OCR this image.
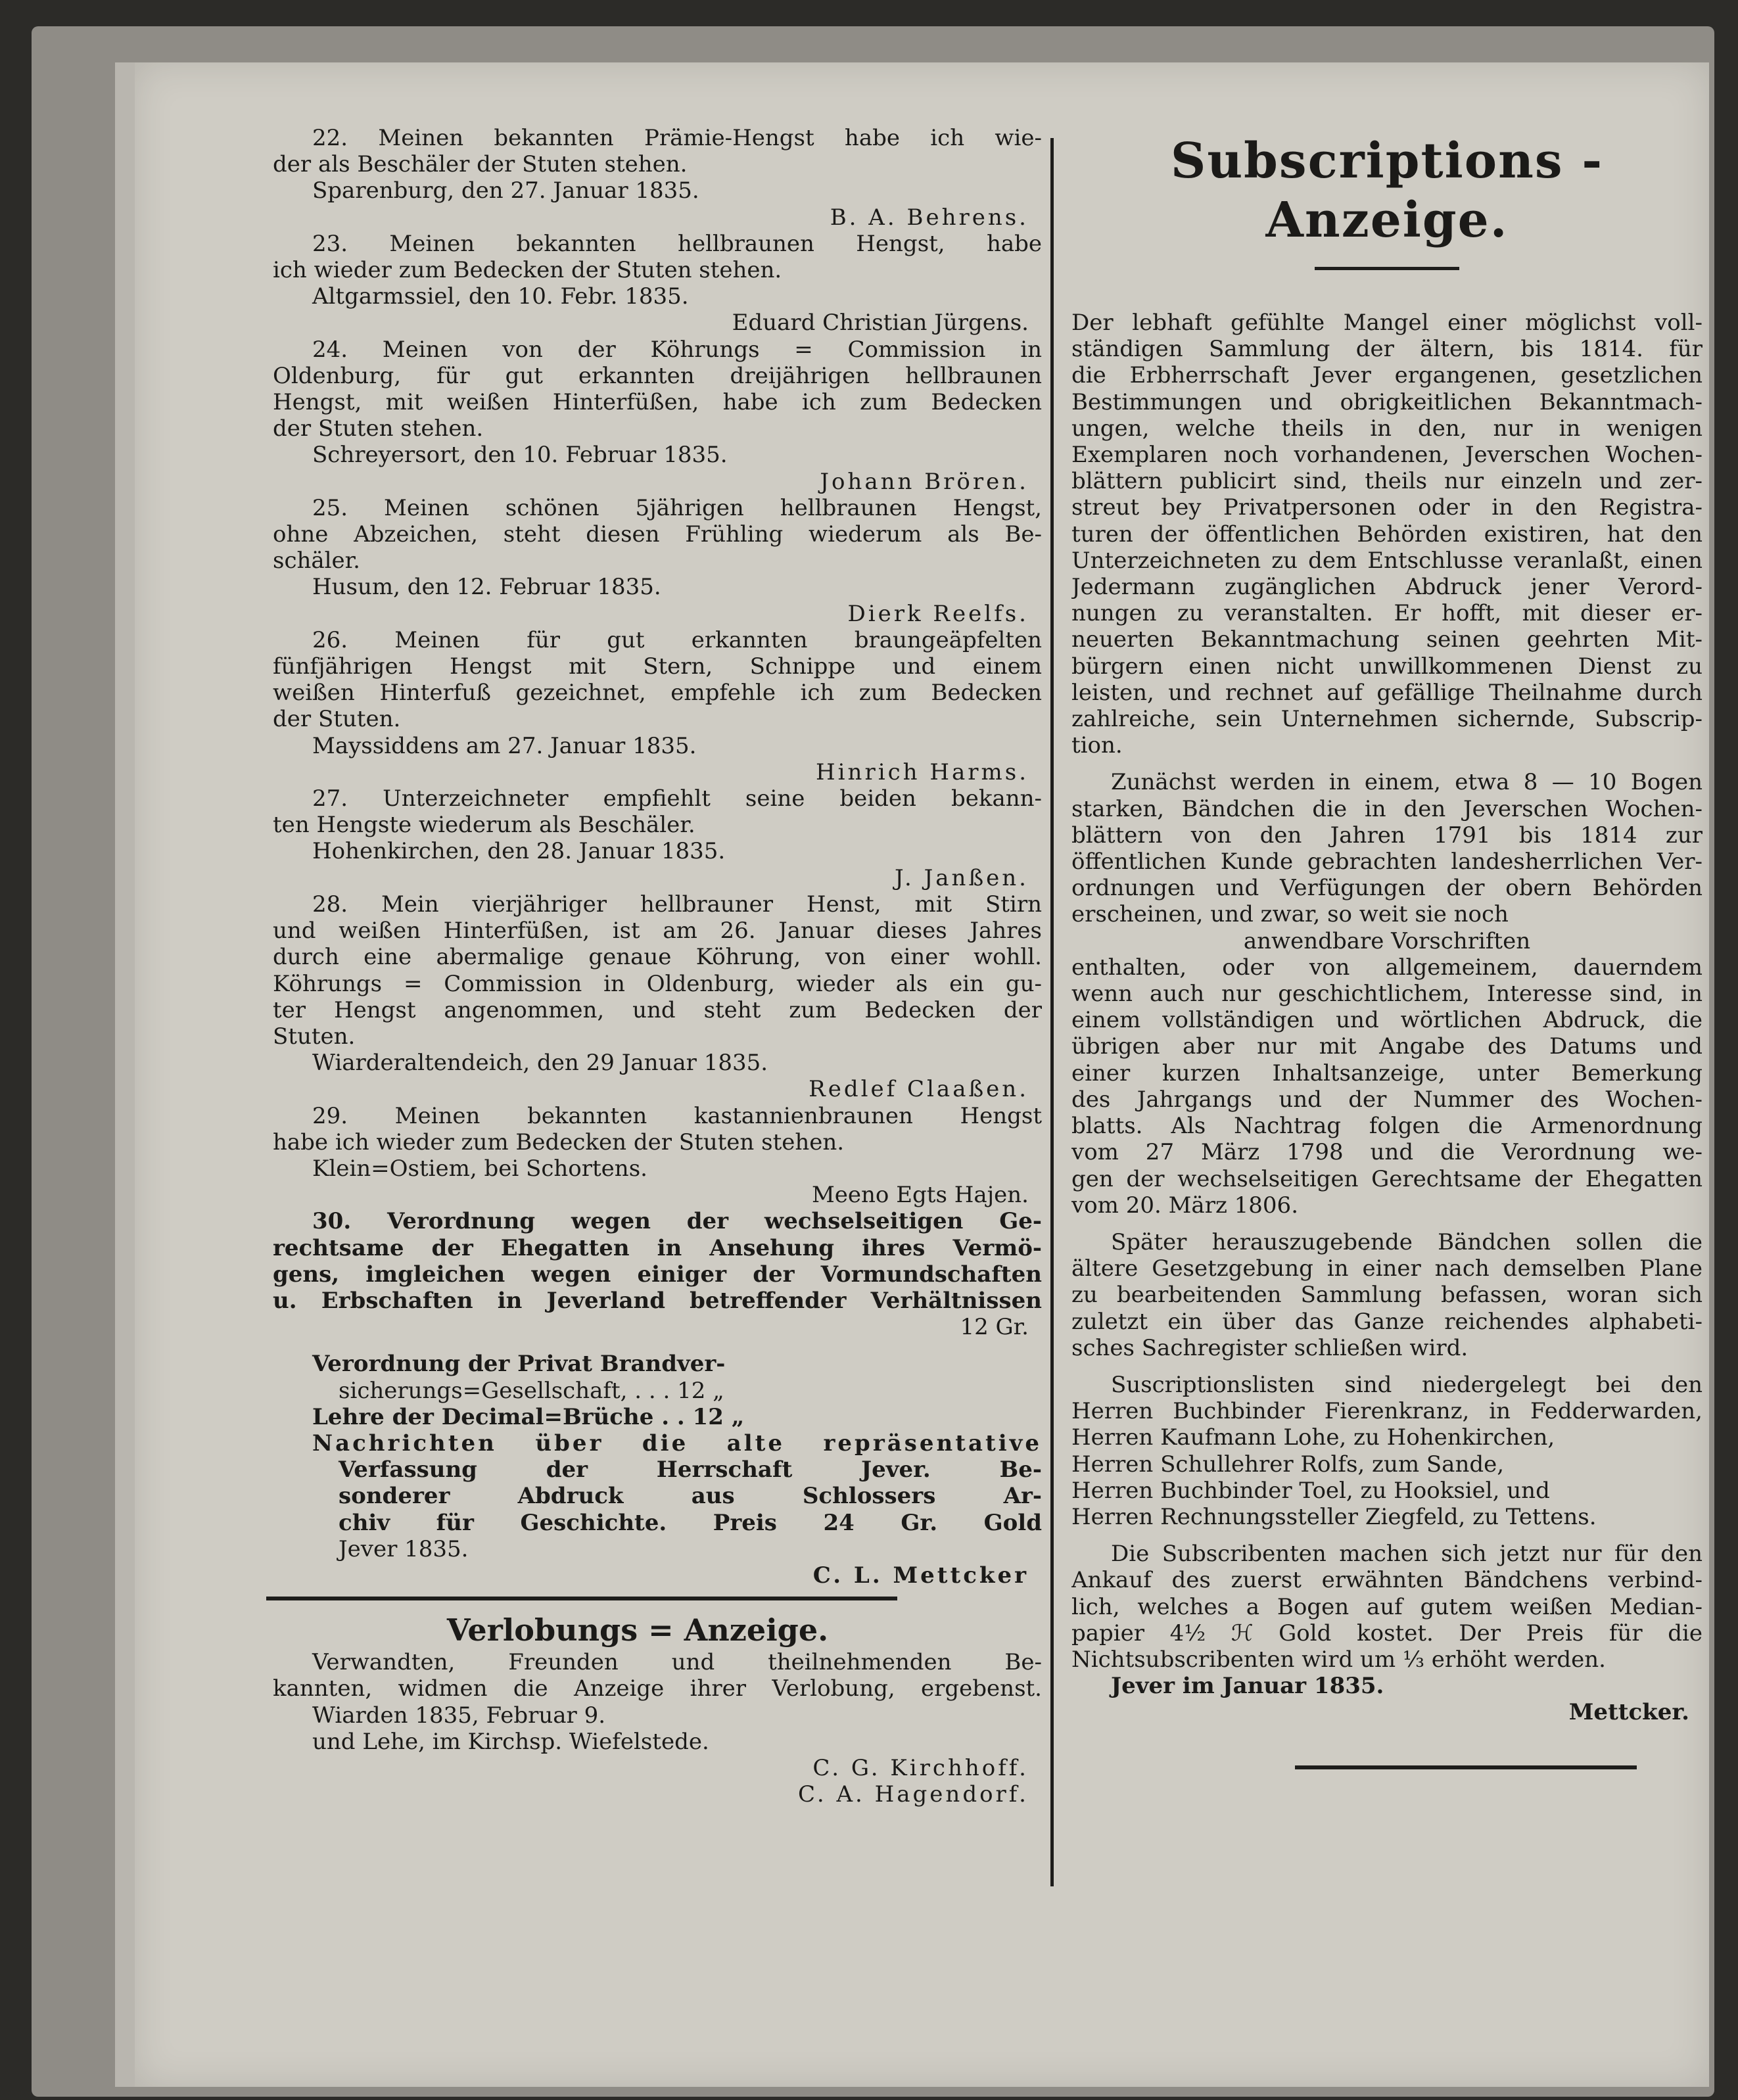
22. Meinen bekannten Prämie-Hengst habe ich wie-
der als Beschäler der Stuten stehen.
Sparenburg, den 27. Januar 1835.
B. A. Behrens.
23. Meinen bekannten hellbraunen Hengst, habe
ich wieder zum Bedecken der Stuten stehen.
Altgarmssiel, den 10. Febr. 1835.
Eduard Christian Jürgens.
24. Meinen von der Köhrungs = Commission in
Oldenburg, für gut erkannten dreijährigen hellbraunen
Hengst, mit weißen Hinterfüßen, habe ich zum Bedecken
der Stuten stehen.
Schreyersort, den 10. Februar 1835.
Johann Brören.
25. Meinen schönen 5jährigen hellbraunen Hengst,
ohne Abzeichen, steht diesen Frühling wiederum als Be-
schäler.
Husum, den 12. Februar 1835.
Dierk Reelfs.
26. Meinen für gut erkannten braungeäpfelten
fünfjährigen Hengst mit Stern, Schnippe und einem
weißen Hinterfuß gezeichnet, empfehle ich zum Bedecken
der Stuten.
Mayssiddens am 27. Januar 1835.
Hinrich Harms.
27. Unterzeichneter empfiehlt seine beiden bekann-
ten Hengste wiederum als Beschäler.
Hohenkirchen, den 28. Januar 1835.
J. Janßen.
28. Mein vierjähriger hellbrauner Henst, mit Stirn
und weißen Hinterfüßen, ist am 26. Januar dieses Jahres
durch eine abermalige genaue Köhrung, von einer wohll.
Köhrungs = Commission in Oldenburg, wieder als ein gu-
ter Hengst angenommen, und steht zum Bedecken der
Stuten.
Wiarderaltendeich, den 29 Januar 1835.
Redlef Claaßen.
29. Meinen bekannten kastannienbraunen Hengst
habe ich wieder zum Bedecken der Stuten stehen.
Klein=Ostiem, bei Schortens.
Meeno Egts Hajen.
30. Verordnung wegen der wechselseitigen Ge-
rechtsame der Ehegatten in Ansehung ihres Vermö-
gens, imgleichen wegen einiger der Vormundschaften
u. Erbschaften in Jeverland betreffender Verhältnissen
12 Gr.
Verordnung der Privat Brandver-
sicherungs=Gesellschaft, . . . 12 „
Lehre der Decimal=Brüche . . 12 „
Nachrichten über die alte repräsentative
Verfassung der Herrschaft Jever. Be-
sonderer Abdruck aus Schlossers Ar-
chiv für Geschichte. Preis 24 Gr. Gold
Jever 1835.
C. L. Mettcker
Verlobungs = Anzeige.
Verwandten, Freunden und theilnehmenden Be-
kannten, widmen die Anzeige ihrer Verlobung, ergebenst.
Wiarden 1835, Februar 9.
und Lehe, im Kirchsp. Wiefelstede.
C. G. Kirchhoff.
C. A. Hagendorf.
Subscriptions - Anzeige.
Der lebhaft gefühlte Mangel einer möglichst voll-
ständigen Sammlung der ältern, bis 1814. für
die Erbherrschaft Jever ergangenen, gesetzlichen
Bestimmungen und obrigkeitlichen Bekanntmach-
ungen, welche theils in den, nur in wenigen
Exemplaren noch vorhandenen, Jeverschen Wochen-
blättern publicirt sind, theils nur einzeln und zer-
streut bey Privatpersonen oder in den Registra-
turen der öffentlichen Behörden existiren, hat den
Unterzeichneten zu dem Entschlusse veranlaßt, einen
Jedermann zugänglichen Abdruck jener Verord-
nungen zu veranstalten. Er hofft, mit dieser er-
neuerten Bekanntmachung seinen geehrten Mit-
bürgern einen nicht unwillkommenen Dienst zu
leisten, und rechnet auf gefällige Theilnahme durch
zahlreiche, sein Unternehmen sichernde, Subscrip-
tion.
Zunächst werden in einem, etwa 8 — 10 Bogen
starken, Bändchen die in den Jeverschen Wochen-
blättern von den Jahren 1791 bis 1814 zur
öffentlichen Kunde gebrachten landesherrlichen Ver-
ordnungen und Verfügungen der obern Behörden
erscheinen, und zwar, so weit sie noch
anwendbare Vorschriften
enthalten, oder von allgemeinem, dauerndem
wenn auch nur geschichtlichem, Interesse sind, in
einem vollständigen und wörtlichen Abdruck, die
übrigen aber nur mit Angabe des Datums und
einer kurzen Inhaltsanzeige, unter Bemerkung
des Jahrgangs und der Nummer des Wochen-
blatts. Als Nachtrag folgen die Armenordnung
vom 27 März 1798 und die Verordnung we-
gen der wechselseitigen Gerechtsame der Ehegatten
vom 20. März 1806.
Später herauszugebende Bändchen sollen die
ältere Gesetzgebung in einer nach demselben Plane
zu bearbeitenden Sammlung befassen, woran sich
zuletzt ein über das Ganze reichendes alphabeti-
sches Sachregister schließen wird.
Suscriptionslisten sind niedergelegt bei den
Herren Buchbinder Fierenkranz, in Fedderwarden,
Herren Kaufmann Lohe, zu Hohenkirchen,
Herren Schullehrer Rolfs, zum Sande,
Herren Buchbinder Toel, zu Hooksiel, und
Herren Rechnungssteller Ziegfeld, zu Tettens.
Die Subscribenten machen sich jetzt nur für den
Ankauf des zuerst erwähnten Bändchens verbind-
lich, welches a Bogen auf gutem weißen Median-
papier 4½ ℋ Gold kostet. Der Preis für die
Nichtsubscribenten wird um ⅓ erhöht werden.
Jever im Januar 1835.
Mettcker.
